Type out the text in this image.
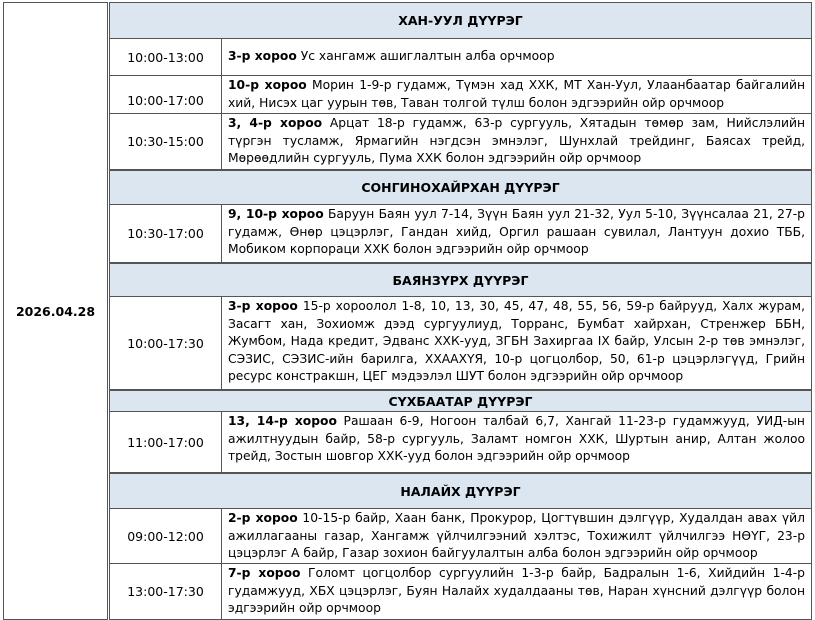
2026.04.28
ХАН-УУЛ ДҮҮРЭГ
10:00-13:00	3-р хороо Ус хангамж ашиглалтын алба орчмоор
10:00-17:00
10-р хороо Морин 1-9-р гудамж, Түмэн хад ХХК, МТ Хан-Уул, Улаанбаатар байгалийн хий, Нисэх цаг уурын төв, Таван толгой түлш болон эдгээрийн ойр орчмоор
10:30-15:00
3, 4-р хороо Арцат 18-р гудамж, 63-р сургууль, Хятадын төмөр зам, Нийслэлийн түргэн тусламж, Ярмагийн нэгдсэн эмнэлэг, Шунхлай трейдинг, Баясах трейд, Мөрөөдлийн сургууль, Пума ХХК болон эдгээрийн ойр орчмоор
СОНГИНОХАЙРХАН ДҮҮРЭГ
10:30-17:00
9, 10-р хороо Баруун Баян уул 7-14, Зүүн Баян уул 21-32, Уул 5-10, Зүүнсалаа 21, 27-р гудамж, Өнөр цэцэрлэг, Гандан хийд, Оргил рашаан сувилал, Лантуун дохио ТББ, Мобиком корпораци ХХК болон эдгээрийн ойр орчмоор
БАЯНЗҮРХ ДҮҮРЭГ
10:00-17:30
3-р хороо 15-р хороолол 1-8, 10, 13, 30, 45, 47, 48, 55, 56, 59-р байрууд, Халх журам, Засагт хан, Зохиомж дээд сургуулиуд, Торранс, Бумбат хайрхан, Стренжер ББН, Жумбом, Нада кредит, Эдванс ХХК-ууд, ЗГБН Захиргаа IX байр, Улсын 2-р төв эмнэлэг, СЭЗИС, СЭЗИС-ийн барилга, ХХААХҮЯ, 10-р цогцолбор, 50, 61-р цэцэрлэгүүд, Грийн ресурс констракшн, ЦЕГ мэдээлэл ШУТ болон эдгээрийн ойр орчмоор
СҮХБААТАР ДҮҮРЭГ
11:00-17:00
13, 14-р хороо Рашаан 6-9, Ногоон талбай 6,7, Хангай 11-23-р гудамжууд, УИД-ын ажилтнуудын байр, 58-р сургууль, Заламт номгон ХХК, Шуртын анир, Алтан жолоо трейд, Зостын шовгор ХХК-ууд болон эдгээрийн ойр орчмоор
НАЛАЙХ ДҮҮРЭГ
09:00-12:00
2-р хороо 10-15-р байр, Хаан банк, Прокурор, Цогтүвшин дэлгүүр, Худалдан авах үйл ажиллагааны газар, Хангамж үйлчилгээний хэлтэс, Тохижилт үйлчилгээ НӨҮГ, 23-р цэцэрлэг А байр, Газар зохион байгуулалтын алба болон эдгээрийн ойр орчмоор
13:00-17:30
7-р хороо Голомт цогцолбор сургуулийн 1-3-р байр, Бадралын 1-6, Хийдийн 1-4-р гудамжууд, ХБХ цэцэрлэг, Буян Налайх худалдааны төв, Наран хүнсний дэлгүүр болон эдгээрийн ойр орчмоор
